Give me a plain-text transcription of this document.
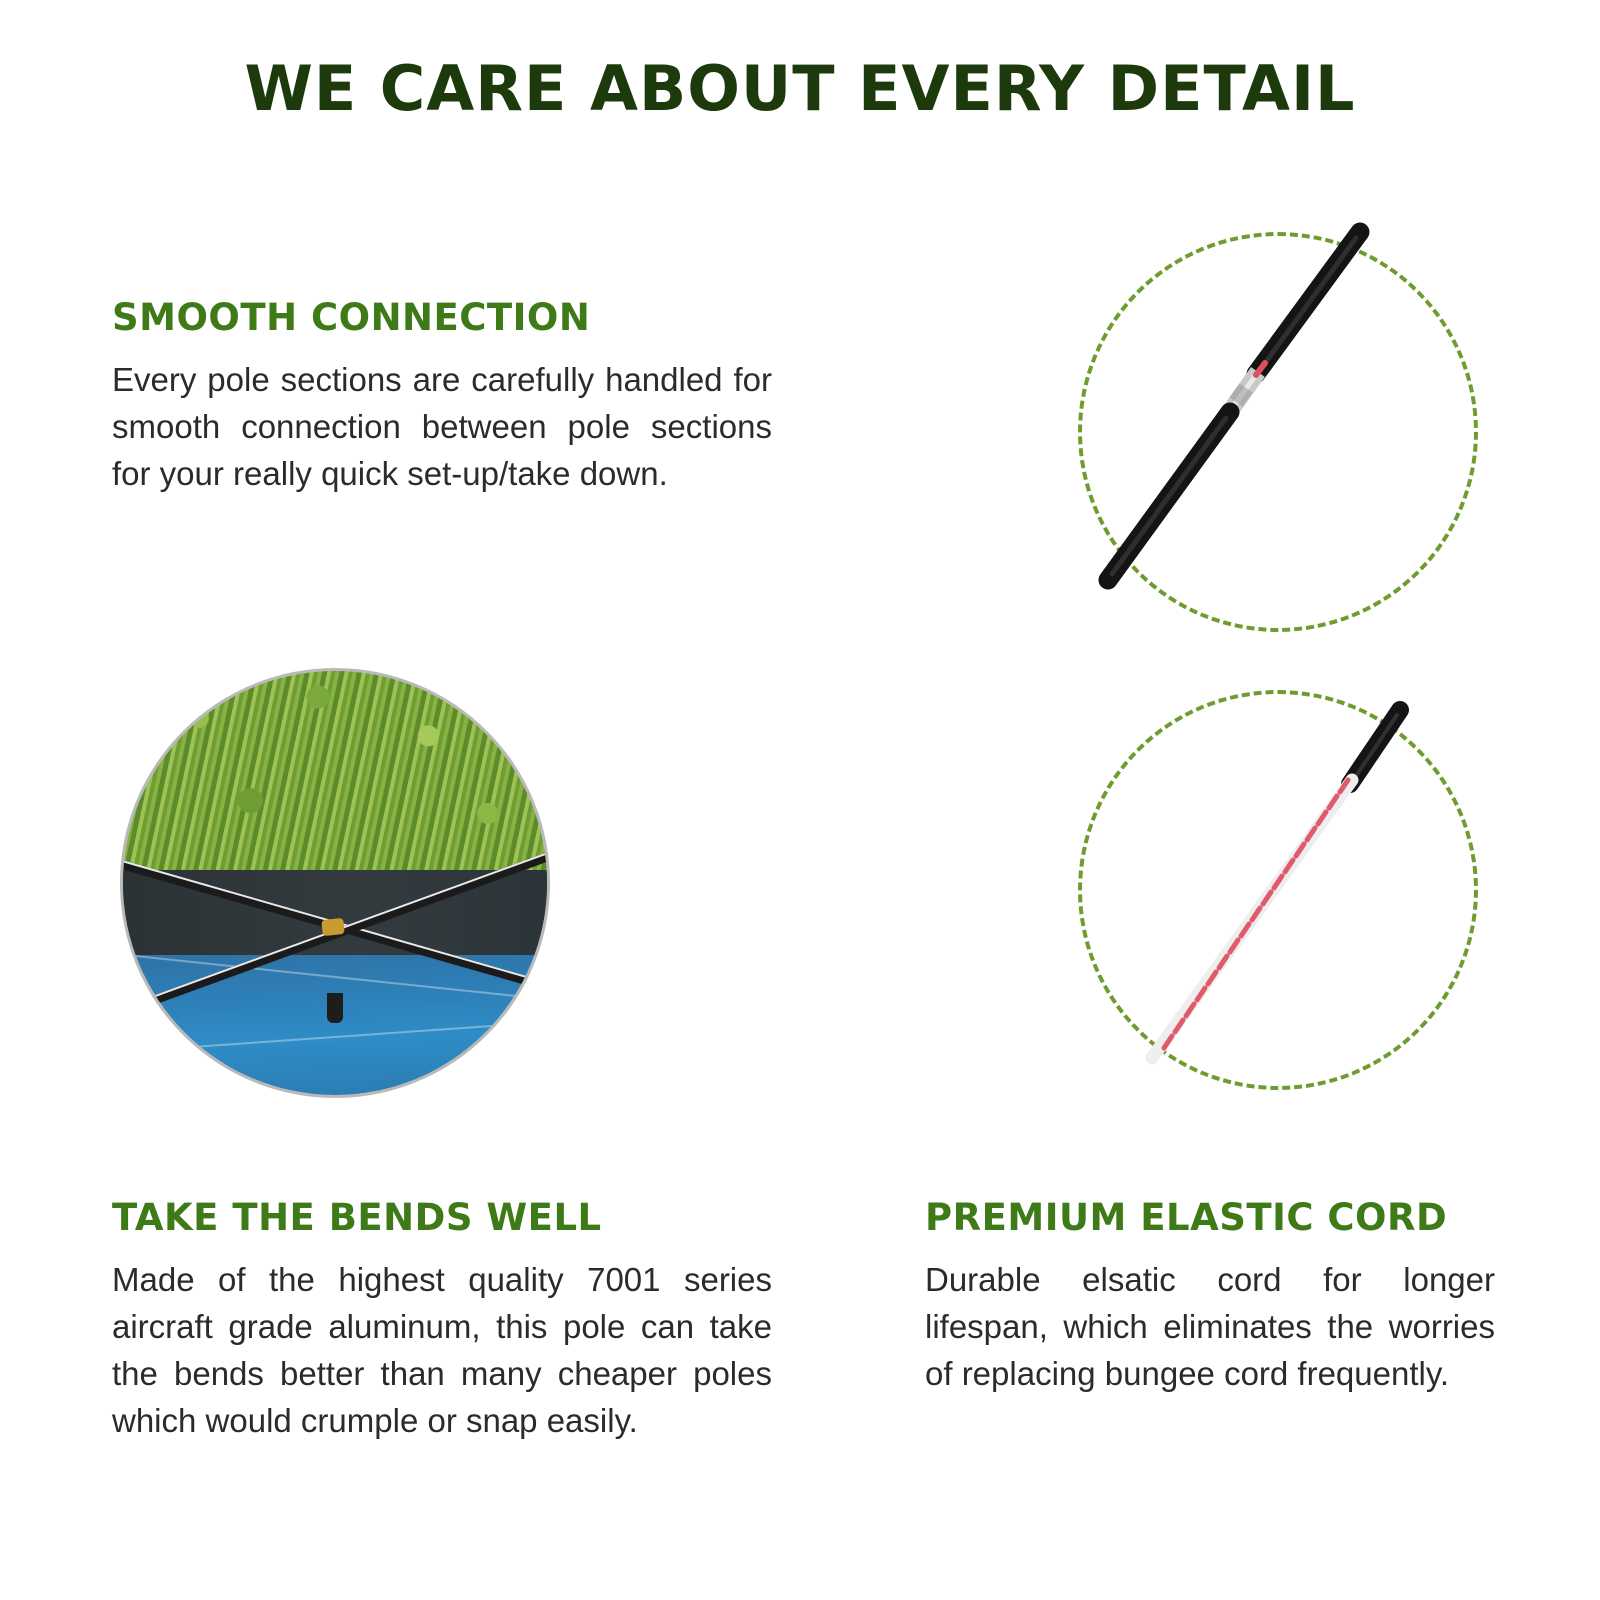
WE CARE ABOUT EVERY DETAIL
SMOOTH CONNECTION
Every pole sections are carefully handled for smooth connection between pole sections for your really quick set-up/take down.
TAKE THE BENDS WELL
Made of the highest quality 7001 series aircraft grade aluminum, this pole can take the bends better than many cheaper poles which would crumple or snap easily.
PREMIUM ELASTIC CORD
Durable elsatic cord for longer lifespan, which eliminates the worries of replacing bungee cord frequently.
